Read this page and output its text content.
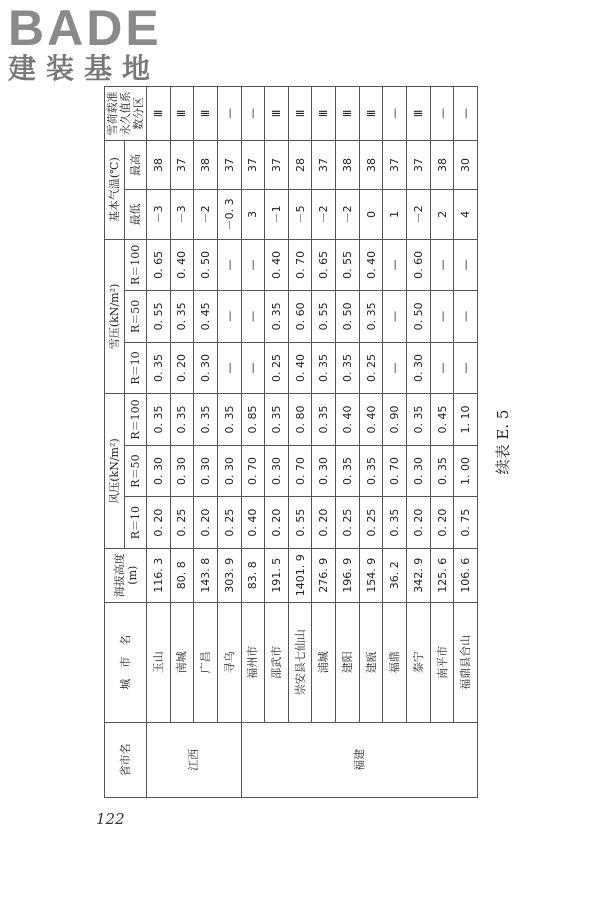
BADE
建装基地
省市名	城　市　名	海拔高度(m)	风压(kN/m²)			雪压(kN/m²)			基本气温(℃)		雪荷载准永久值系数分区
			R＝10	R＝50	R＝100	R＝10	R＝50	R＝100	最低	最高	
江西	玉山	116. 3	0. 20	0. 30	0. 35	0. 35	0. 55	0. 65	－3	38	Ⅲ
	南城	80. 8	0. 25	0. 30	0. 35	0. 20	0. 35	0. 40	－3	37	Ⅲ
	广昌	143. 8	0. 20	0. 30	0. 35	0. 30	0. 45	0. 50	－2	38	Ⅲ
	寻乌	303. 9	0. 25	0. 30	0. 35	—	—	—	－0. 3	37	—
福建	福州市	83. 8	0. 40	0. 70	0. 85	—	—	—	3	37	—
	邵武市	191. 5	0. 20	0. 30	0. 35	0. 25	0. 35	0. 40	－1	37	Ⅲ
	崇安县七仙山	1401. 9	0. 55	0. 70	0. 80	0. 40	0. 60	0. 70	－5	28	Ⅲ
	浦城	276. 9	0. 20	0. 30	0. 35	0. 35	0. 55	0. 65	－2	37	Ⅲ
	建阳	196. 9	0. 25	0. 35	0. 40	0. 35	0. 50	0. 55	－2	38	Ⅲ
	建瓯	154. 9	0. 25	0. 35	0. 40	0. 25	0. 35	0. 40	0	38	Ⅲ
	福鼎	36. 2	0. 35	0. 70	0. 90	—	—	—	1	37	—
	泰宁	342. 9	0. 20	0. 30	0. 35	0. 30	0. 50	0. 60	－2	37	Ⅲ
	南平市	125. 6	0. 20	0. 35	0. 45	—	—	—	2	38	—
	福鼎县台山	106. 6	0. 75	1. 00	1. 10	—	—	—	4	30	—
续表 E. 5
122
